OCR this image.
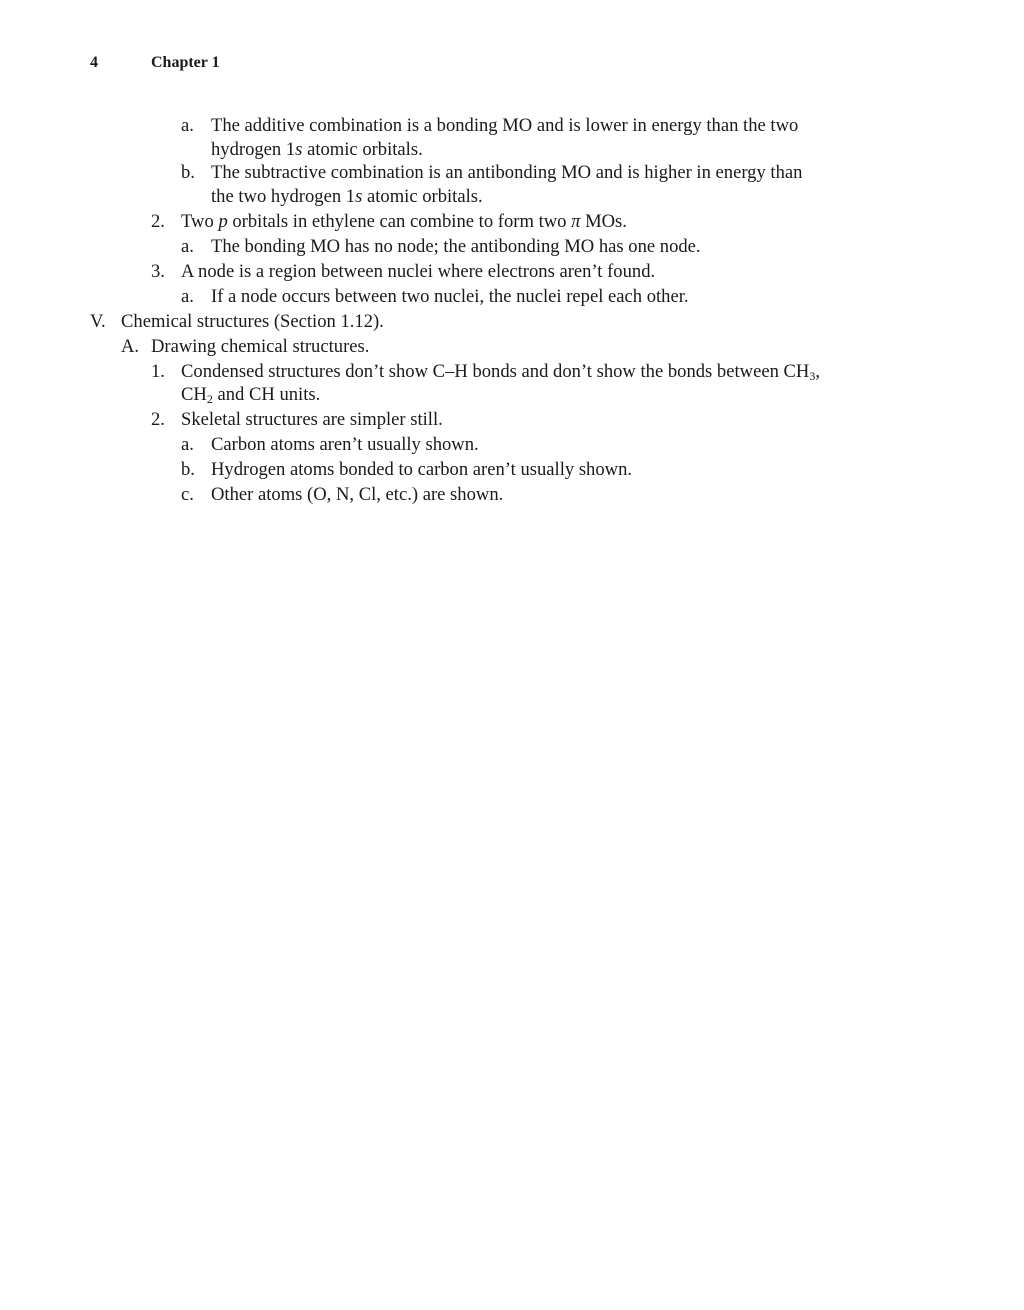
4	Chapter 1
a. The additive combination is a bonding MO and is lower in energy than the two
hydrogen 1s atomic orbitals.
b. The subtractive combination is an antibonding MO and is higher in energy than
the two hydrogen 1s atomic orbitals.
2. Two p orbitals in ethylene can combine to form two π MOs.
a. The bonding MO has no node; the antibonding MO has one node.
3. A node is a region between nuclei where electrons aren’t found.
a. If a node occurs between two nuclei, the nuclei repel each other.
V. Chemical structures (Section 1.12).
A. Drawing chemical structures.
1. Condensed structures don’t show C–H bonds and don’t show the bonds between $CH_3$,
$CH_2$ and CH units.
2. Skeletal structures are simpler still.
a. Carbon atoms aren’t usually shown.
b. Hydrogen atoms bonded to carbon aren’t usually shown.
c. Other atoms (O, N, Cl, etc.) are shown.
